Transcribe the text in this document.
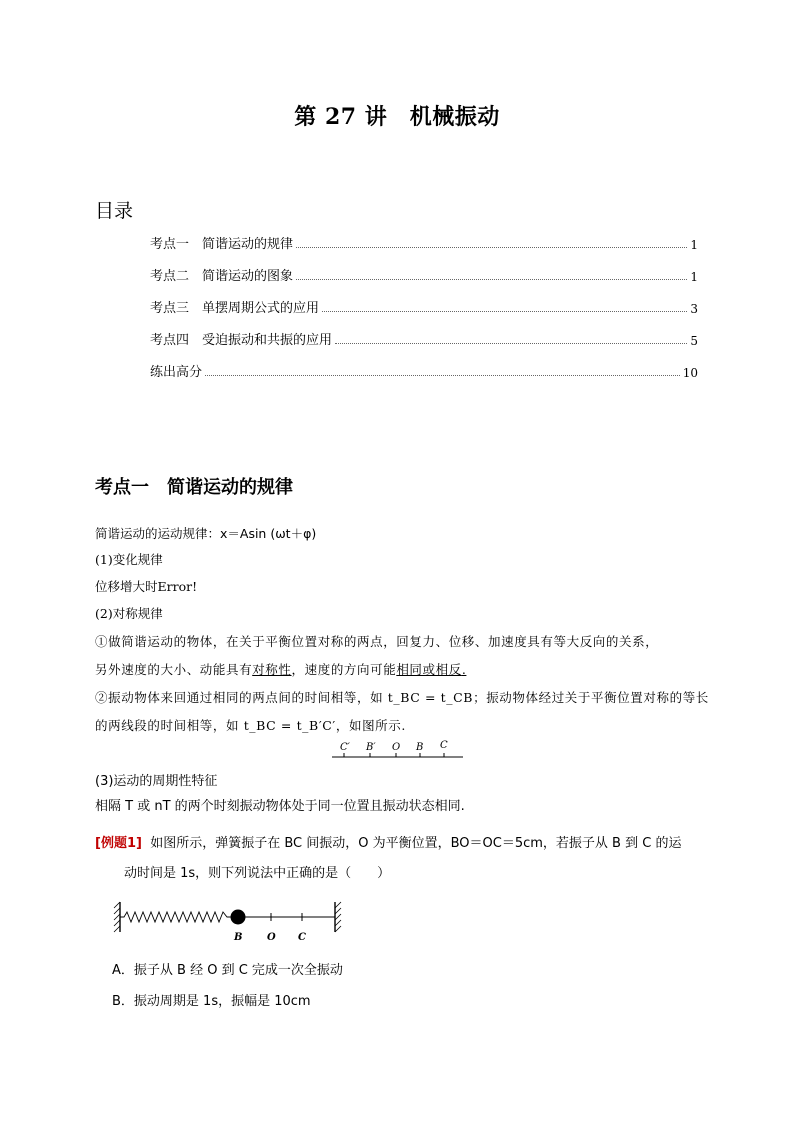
第 27 讲　机械振动
目录
考点一　简谐运动的规律	1
考点二　简谐运动的图象	1
考点三　单摆周期公式的应用	3
考点四　受迫振动和共振的应用	5
练出高分	10
考点一　简谐运动的规律
简谐运动的运动规律：x＝Asin (ωt＋φ)
(1)变化规律
位移增大时Error!
(2)对称规律
①做简谐运动的物体，在关于平衡位置对称的两点，回复力、位移、加速度具有等大反向的关系，
另外速度的大小、动能具有对称性，速度的方向可能相同或相反.
②振动物体来回通过相同的两点间的时间相等，如 t_BC = t_CB；振动物体经过关于平衡位置对称的等长
的两线段的时间相等，如 t_BC = t_B′C′，如图所示.
C′ B′ O B C
(3)运动的周期性特征
相隔 T 或 nT 的两个时刻振动物体处于同一位置且振动状态相同.
[例题1] 如图所示，弹簧振子在 BC 间振动，O 为平衡位置，BO＝OC＝5cm，若振子从 B 到 C 的运
动时间是 1s，则下列说法中正确的是（　　）
B O C
A．振子从 B 经 O 到 C 完成一次全振动
B．振动周期是 1s，振幅是 10cm
